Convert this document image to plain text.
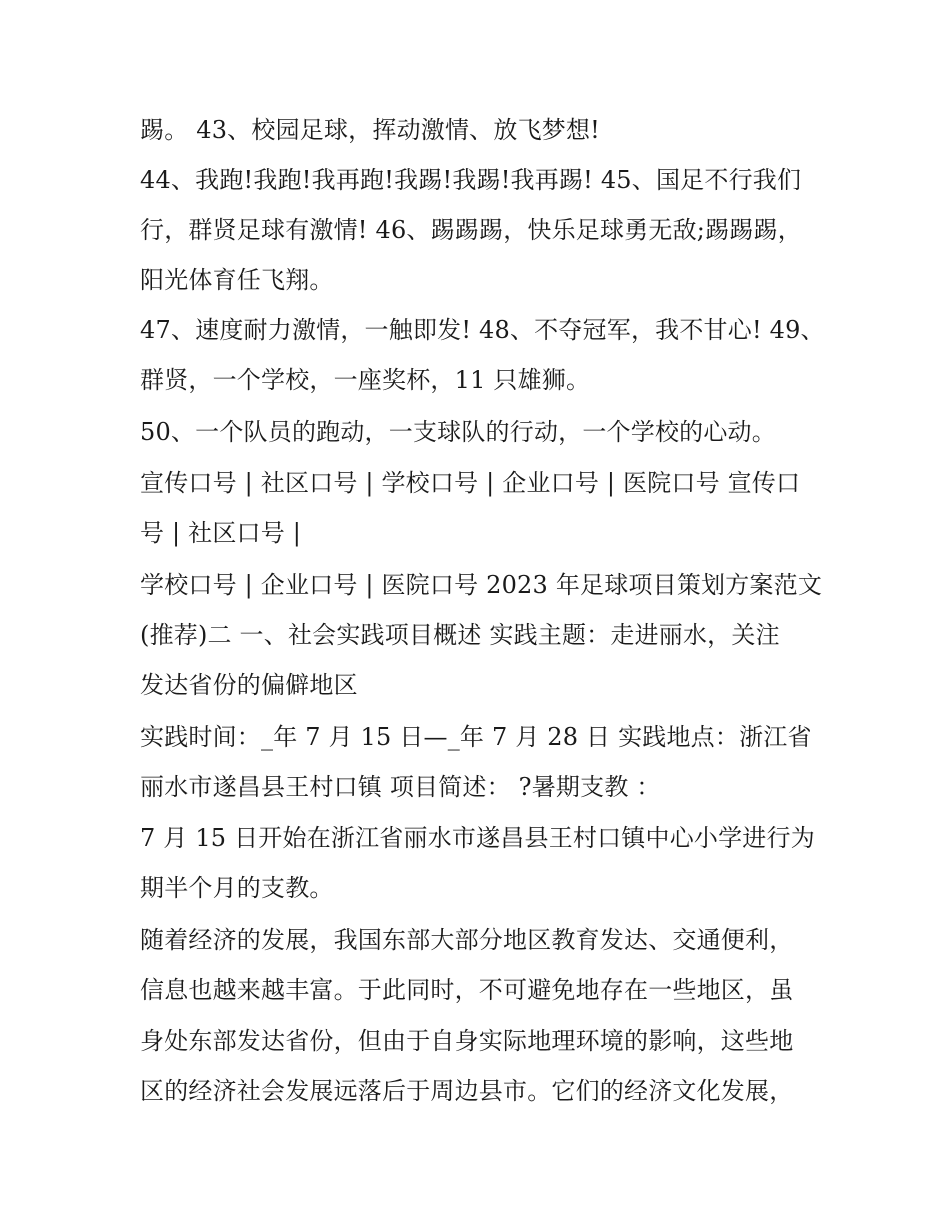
踢。 43、校园足球，挥动激情、放飞梦想!
44、我跑!我跑!我再跑!我踢!我踢!我再踢! 45、国足不行我们
行，群贤足球有激情! 46、踢踢踢，快乐足球勇无敌;踢踢踢，
阳光体育任飞翔。
47、速度耐力激情，一触即发! 48、不夺冠军，我不甘心! 49、
群贤，一个学校，一座奖杯，11 只雄狮。
50、一个队员的跑动，一支球队的行动，一个学校的心动。
宣传口号 | 社区口号 | 学校口号 | 企业口号 | 医院口号 宣传口
号 | 社区口号 |
学校口号 | 企业口号 | 医院口号 2023 年足球项目策划方案范文
(推荐)二 一、社会实践项目概述 实践主题：走进丽水，关注
发达省份的偏僻地区
实践时间：_年 7 月 15 日—_年 7 月 28 日 实践地点：浙江省
丽水市遂昌县王村口镇 项目简述： ?暑期支教 ：
7 月 15 日开始在浙江省丽水市遂昌县王村口镇中心小学进行为
期半个月的支教。
随着经济的发展，我国东部大部分地区教育发达、交通便利，
信息也越来越丰富。于此同时，不可避免地存在一些地区，虽
身处东部发达省份，但由于自身实际地理环境的影响，这些地
区的经济社会发展远落后于周边县市。它们的经济文化发展，
